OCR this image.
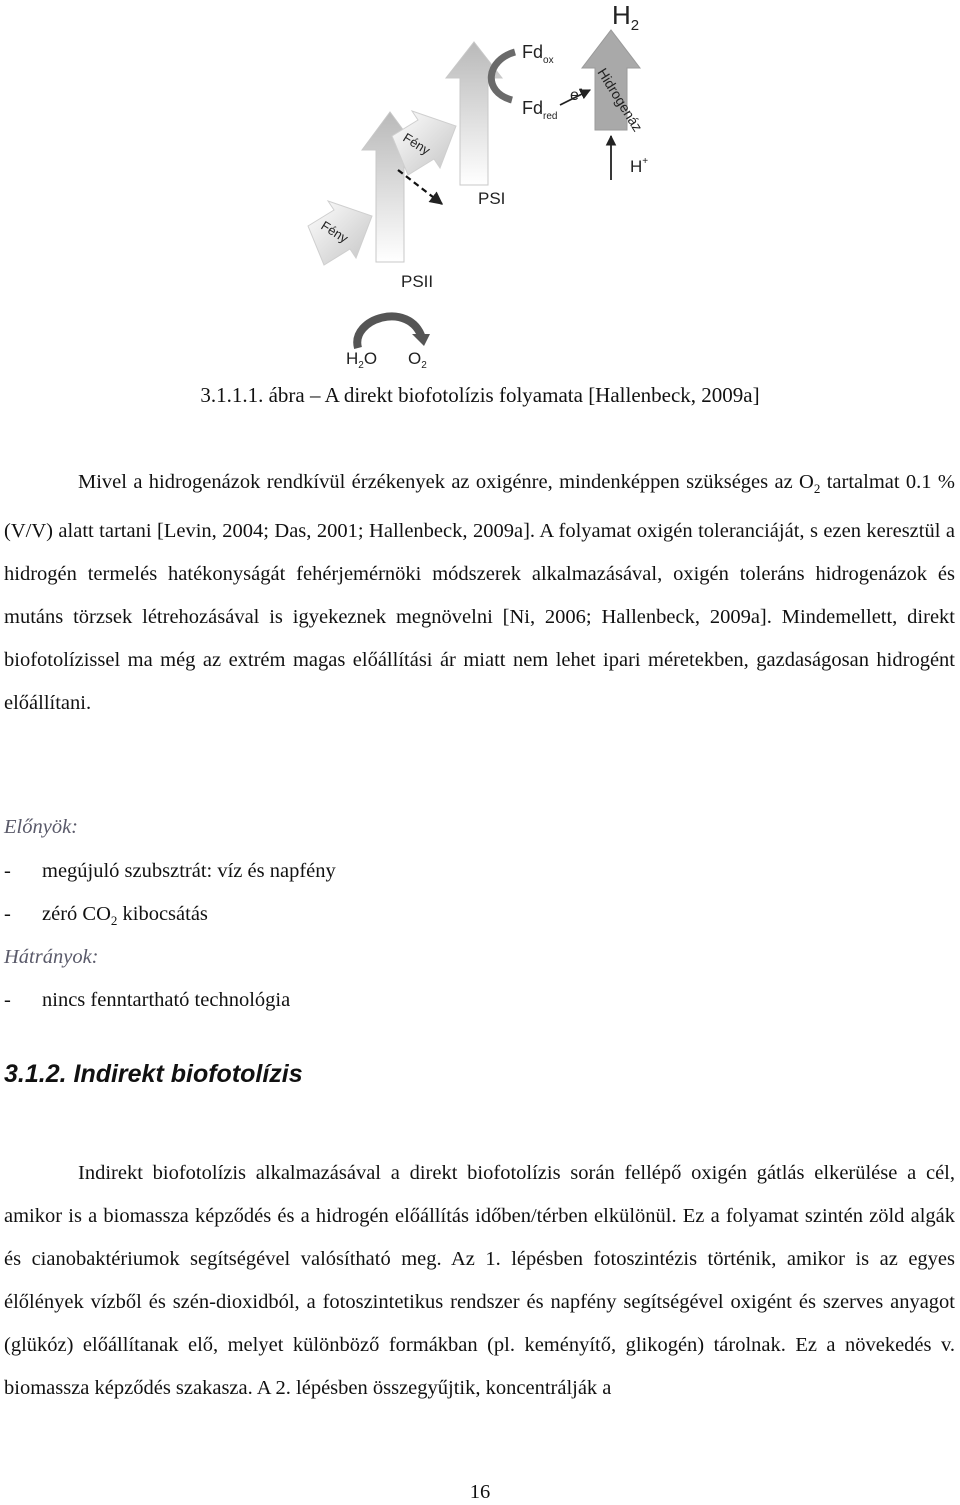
$H_2$
$Fd_{ox}$
$Fd_{red}$
e- Hidrogenáz
H+
Fény
Fény
PSI
PSII
$H_2O$ $O_2$
3.1.1.1. ábra – A direkt biofotolízis folyamata [Hallenbeck, 2009a]
Mivel a hidrogenázok rendkívül érzékenyek az oxigénre, mindenképpen szükséges az $O_2$ tartalmat 0.1 %(V/V) alatt tartani [Levin, 2004; Das, 2001; Hallenbeck, 2009a]. A folyamat oxigén toleranciáját, s ezen keresztül a hidrogén termelés hatékonyságát fehérjemérnöki módszerek alkalmazásával, oxigén toleráns hidrogenázok és mutáns törzsek létrehozásával is igyekeznek megnövelni [Ni, 2006; Hallenbeck, 2009a]. Mindemellett, direkt biofotolízissel ma még az extrém magas előállítási ár miatt nem lehet ipari méretekben, gazdaságosan hidrogént előállítani.
Előnyök:
- megújuló szubsztrát: víz és napfény
- zéró $CO_2$ kibocsátás
Hátrányok:
- nincs fenntartható technológia
3.1.2. Indirekt biofotolízis
Indirekt biofotolízis alkalmazásával a direkt biofotolízis során fellépő oxigén gátlás elkerülése a cél, amikor is a biomassza képződés és a hidrogén előállítás időben/térben elkülönül. Ez a folyamat szintén zöld algák és cianobaktériumok segítségével valósítható meg. Az 1. lépésben fotoszintézis történik, amikor is az egyes élőlények vízből és szén-dioxidból, a fotoszintetikus rendszer és napfény segítségével oxigént és szerves anyagot (glükóz) előállítanak elő, melyet különböző formákban (pl. keményítő, glikogén) tárolnak. Ez a növekedés v. biomassza képződés szakasza. A 2. lépésben összegyűjtik, koncentrálják a
16
